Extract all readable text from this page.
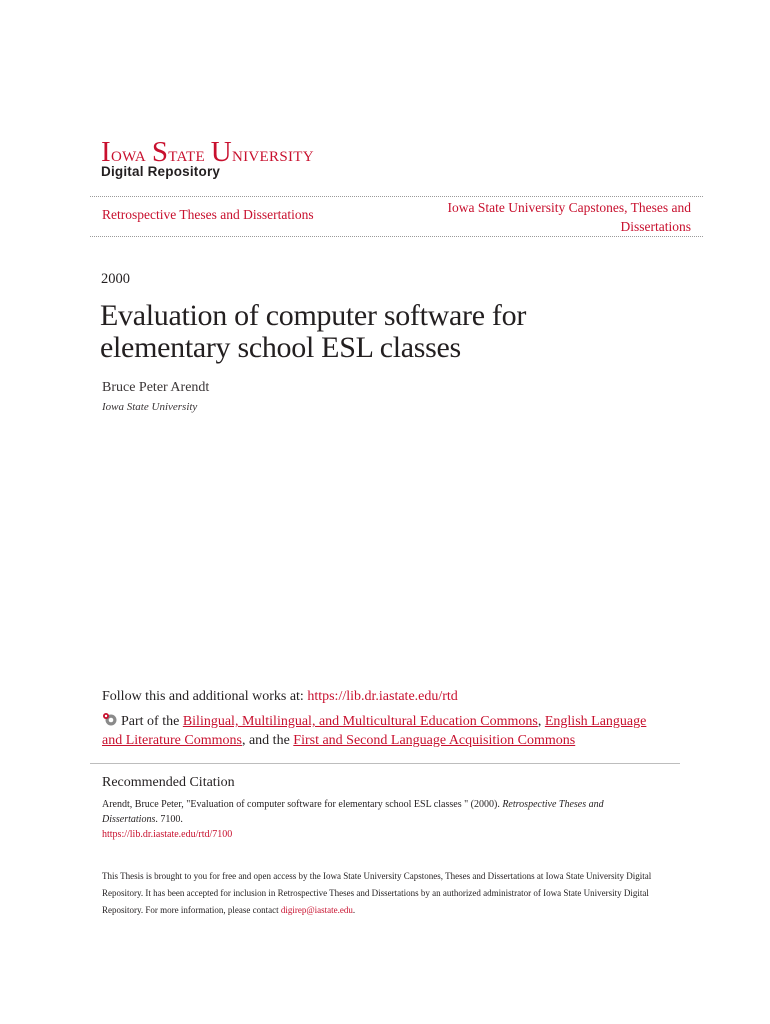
Iowa State University
Digital Repository
Retrospective Theses and Dissertations	Iowa State University Capstones, Theses and Dissertations
2000
Evaluation of computer software for elementary school ESL classes
Bruce Peter Arendt
Iowa State University
Follow this and additional works at: https://lib.dr.iastate.edu/rtd
Part of the Bilingual, Multilingual, and Multicultural Education Commons, English Language and Literature Commons, and the First and Second Language Acquisition Commons
Recommended Citation
Arendt, Bruce Peter, "Evaluation of computer software for elementary school ESL classes " (2000). Retrospective Theses and Dissertations. 7100.
https://lib.dr.iastate.edu/rtd/7100
This Thesis is brought to you for free and open access by the Iowa State University Capstones, Theses and Dissertations at Iowa State University Digital Repository. It has been accepted for inclusion in Retrospective Theses and Dissertations by an authorized administrator of Iowa State University Digital Repository. For more information, please contact digirep@iastate.edu.
